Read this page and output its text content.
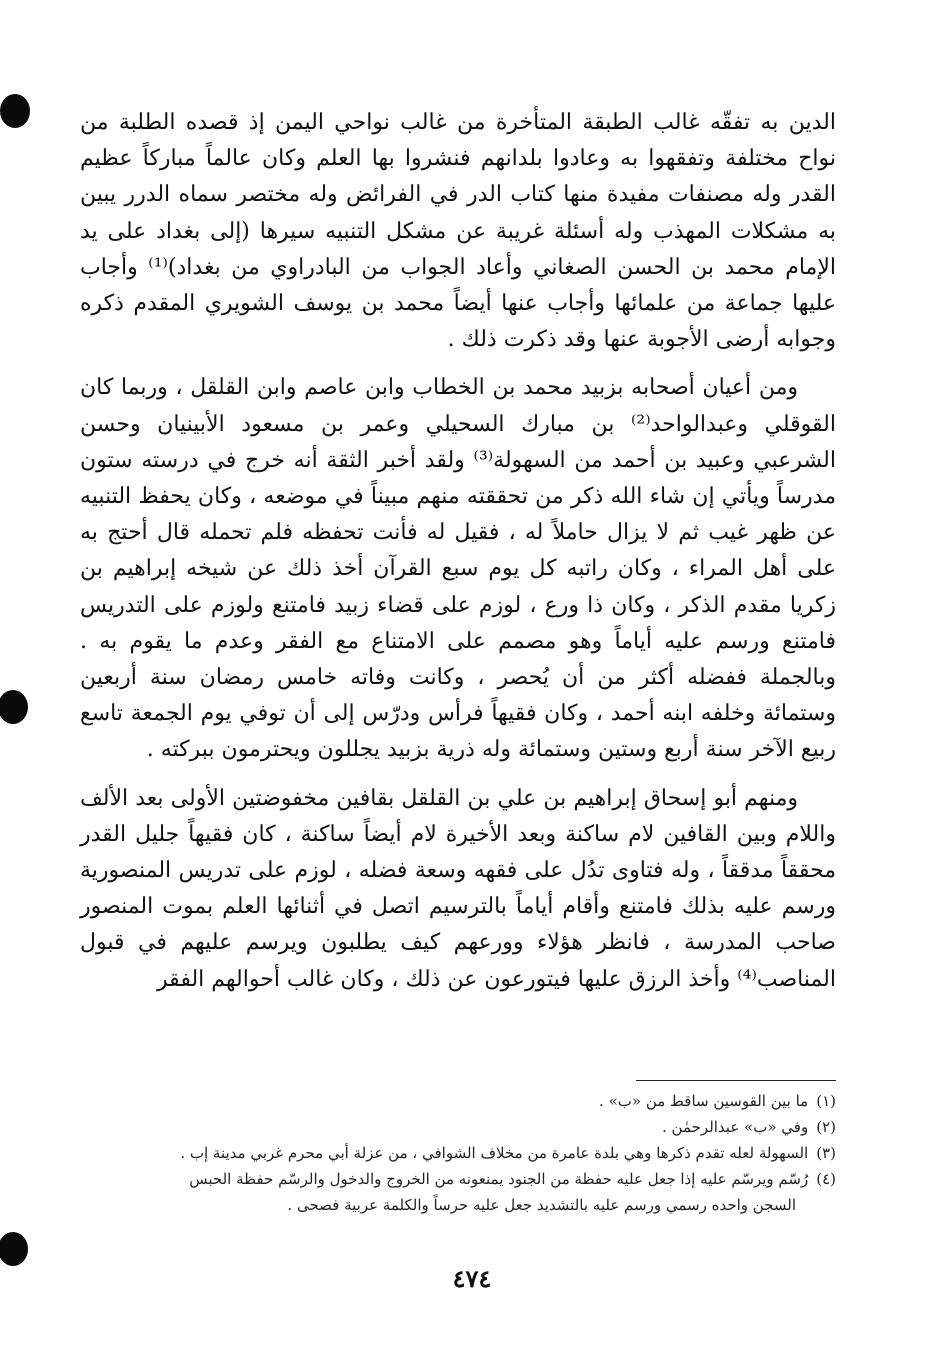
الدين به تفقّه غالب الطبقة المتأخرة من غالب نواحي اليمن إذ قصده الطلبة من نواح مختلفة وتفقهوا به وعادوا بلدانهم فنشروا بها العلم وكان عالماً مباركاً عظيم القدر وله مصنفات مفيدة منها كتاب الدر في الفرائض وله مختصر سماه الدرر يبين به مشكلات المهذب وله أسئلة غريبة عن مشكل التنبيه سيرها (إلى بغداد على يد الإمام محمد بن الحسن الصغاني وأعاد الجواب من البادراوي من بغداد)⁽¹⁾ وأجاب عليها جماعة من علمائها وأجاب عنها أيضاً محمد بن يوسف الشويري المقدم ذكره وجوابه أرضى الأجوبة عنها وقد ذكرت ذلك .

ومن أعيان أصحابه بزبيد محمد بن الخطاب وابن عاصم وابن القلقل ، وربما كان القوقلي وعبدالواحد⁽²⁾ بن مبارك السحيلي وعمر بن مسعود الأبينيان وحسن الشرعبي وعبيد بن أحمد من السهولة⁽³⁾ ولقد أخبر الثقة أنه خرج في درسته ستون مدرساً ويأتي إن شاء الله ذكر من تحققته منهم مبيناً في موضعه ، وكان يحفظ التنبيه عن ظهر غيب ثم لا يزال حاملاً له ، فقيل له فأنت تحفظه فلم تحمله قال أحتج به على أهل المراء ، وكان راتبه كل يوم سبع القرآن أخذ ذلك عن شيخه إبراهيم بن زكريا مقدم الذكر ، وكان ذا ورع ، لوزم على قضاء زبيد فامتنع ولوزم على التدريس فامتنع ورسم عليه أياماً وهو مصمم على الامتناع مع الفقر وعدم ما يقوم به . وبالجملة ففضله أكثر من أن يُحصر ، وكانت وفاته خامس رمضان سنة أربعين وستمائة وخلفه ابنه أحمد ، وكان فقيهاً فرأس ودرّس إلى أن توفي يوم الجمعة تاسع ربيع الآخر سنة أربع وستين وستمائة وله ذرية بزبيد يجللون ويحترمون ببركته .

ومنهم أبو إسحاق إبراهيم بن علي بن القلقل بقافين مخفوضتين الأولى بعد الألف واللام وبين القافين لام ساكنة وبعد الأخيرة لام أيضاً ساكنة ، كان فقيهاً جليل القدر محققاً مدققاً ، وله فتاوى تدُل على فقهه وسعة فضله ، لوزم على تدريس المنصورية ورسم عليه بذلك فامتنع وأقام أياماً بالترسيم اتصل في أثنائها العلم بموت المنصور صاحب المدرسة ، فانظر هؤلاء وورعهم كيف يطلبون ويرسم عليهم في قبول المناصب⁽⁴⁾ وأخذ الرزق عليها فيتورعون عن ذلك ، وكان غالب أحوالهم الفقر

(١)ما بين القوسين ساقط من «ب» .

(٢)وفي «ب» عبدالرحمٰن .

(٣)السهولة لعله تقدم ذكرها وهي بلدة عامرة من مخلاف الشوافي ، من عزلة أبي محرم غربي مدينة إب .

(٤)رُسّم ويرسّم عليه إذا جعل عليه حفظة من الجنود يمنعونه من الخروج والدخول والرسّم حفظة الحبس

السجن واحده رسمي ورسم عليه بالتشديد جعل عليه حرساً والكلمة عربية فصحى .

٤٧٤
